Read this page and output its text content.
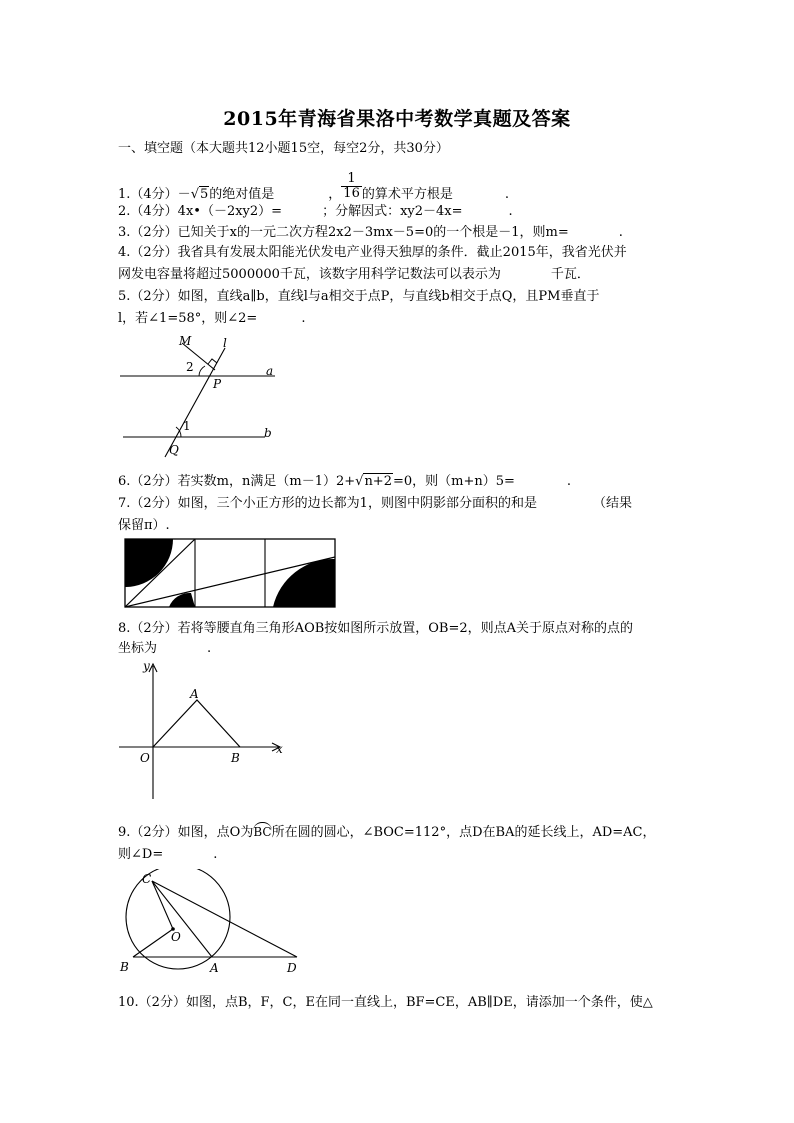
2015年青海省果洛中考数学真题及答案
一、填空题（本大题共12小题15空，每空2分，共30分）
1.（4分）－√5的绝对值是	， $\frac{1}{16}$ 的算术平方根是	.
2.（4分）4x•（－2xy2）=	；分解因式：xy2－4x=	.
3.（2分）已知关于x的一元二次方程2x2－3mx－5=0的一个根是－1，则m=	.
4.（2分）我省具有发展太阳能光伏发电产业得天独厚的条件．截止2015年，我省光伏并
网发电容量将超过5000000千瓦，该数字用科学记数法可以表示为	千瓦．
5.（2分）如图，直线a∥b，直线l与a相交于点P，与直线b相交于点Q，且PM垂直于
l，若∠1=58°，则∠2=	.
M	l
2
P
a
1
Q
b
6.（2分）若实数m，n满足（m－1）2+√n+2=0，则（m+n）5=	.
7.（2分）如图，三个小正方形的边长都为1，则图中阴影部分面积的和是	（结果
保留π）.
8.（2分）若将等腰直角三角形AOB按如图所示放置，OB=2，则点A关于原点对称的点的
坐标为	.
y
x
A
O	B
9.（2分）如图，点O为BC所在圆的圆心，∠BOC=112°，点D在BA的延长线上，AD=AC，
则∠D=	.
C
O
B	A	D
10.（2分）如图，点B，F，C，E在同一直线上，BF=CE，AB∥DE，请添加一个条件，使△
